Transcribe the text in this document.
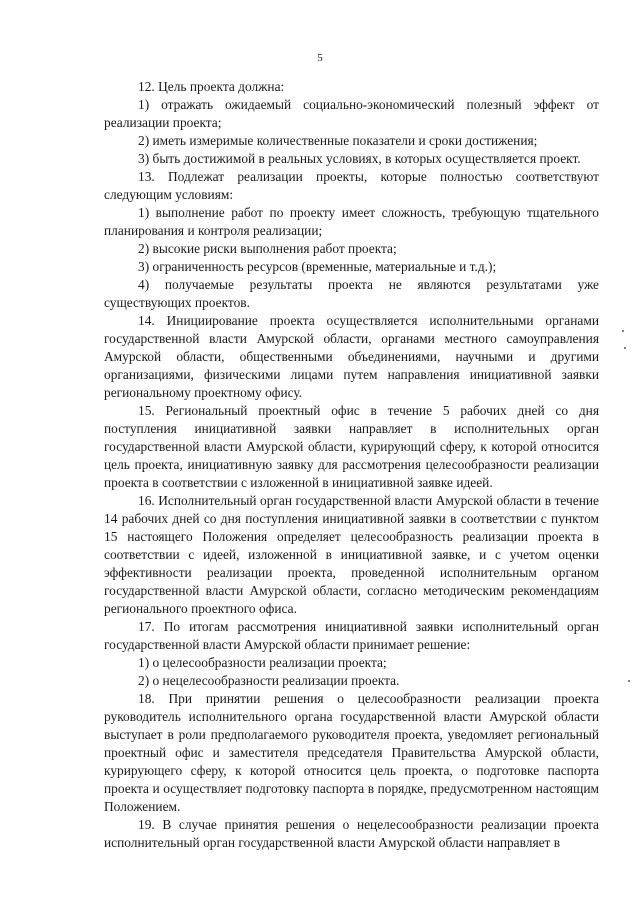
5

12. Цель проекта должна:

1) отражать ожидаемый социально-экономический полезный эффект от реализации проекта;

2) иметь измеримые количественные показатели и сроки достижения;

3) быть достижимой в реальных условиях, в которых осуществляется проект.

13. Подлежат реализации проекты, которые полностью соответствуют следующим условиям:

1) выполнение работ по проекту имеет сложность, требующую тщательного планирования и контроля реализации;

2) высокие риски выполнения работ проекта;

3) ограниченность ресурсов (временные, материальные и т.д.);

4) получаемые результаты проекта не являются результатами уже существующих проектов.

14. Инициирование проекта осуществляется исполнительными органами государственной власти Амурской области, органами местного самоуправления Амурской области, общественными объединениями, научными и другими организациями, физическими лицами путем направления инициативной заявки региональному проектному офису.

15. Региональный проектный офис в течение 5 рабочих дней со дня поступления инициативной заявки направляет в исполнительных орган государственной власти Амурской области, курирующий сферу, к которой относится цель проекта, инициативную заявку для рассмотрения целесообразности реализации проекта в соответствии с изложенной в инициативной заявке идеей.

16. Исполнительный орган государственной власти Амурской области в течение 14 рабочих дней со дня поступления инициативной заявки в соответствии с пунктом 15 настоящего Положения определяет целесообразность реализации проекта в соответствии с идеей, изложенной в инициативной заявке, и с учетом оценки эффективности реализации проекта, проведенной исполнительным органом государственной власти Амурской области, согласно методическим рекомендациям регионального проектного офиса.

17. По итогам рассмотрения инициативной заявки исполнительный орган государственной власти Амурской области принимает решение:

1) о целесообразности реализации проекта;

2) о нецелесообразности реализации проекта.

18. При принятии решения о целесообразности реализации проекта руководитель исполнительного органа государственной власти Амурской области выступает в роли предполагаемого руководителя проекта, уведомляет региональный проектный офис и заместителя председателя Правительства Амурской области, курирующего сферу, к которой относится цель проекта, о подготовке паспорта проекта и осуществляет подготовку паспорта в порядке, предусмотренном настоящим Положением.

19. В случае принятия решения о нецелесообразности реализации проекта исполнительный орган государственной власти Амурской области направляет в
